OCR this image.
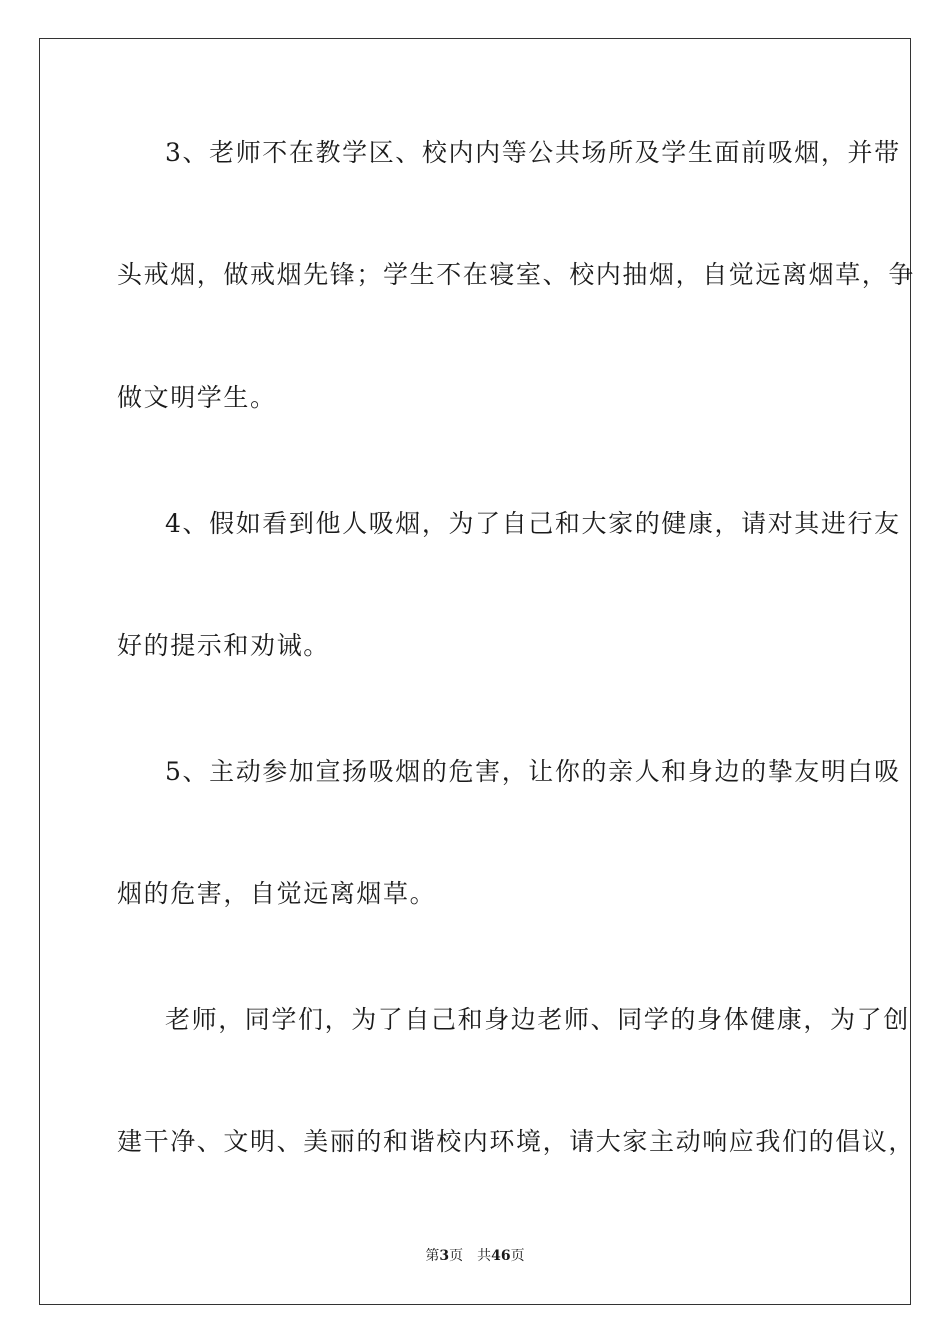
3、老师不在教学区、校内内等公共场所及学生面前吸烟，并带
头戒烟，做戒烟先锋；学生不在寝室、校内抽烟，自觉远离烟草，争
做文明学生。
4、假如看到他人吸烟，为了自己和大家的健康，请对其进行友
好的提示和劝诫。
5、主动参加宣扬吸烟的危害，让你的亲人和身边的挚友明白吸
烟的危害，自觉远离烟草。
老师，同学们，为了自己和身边老师、同学的身体健康，为了创
建干净、文明、美丽的和谐校内环境，请大家主动响应我们的倡议，
第3页 共46页
